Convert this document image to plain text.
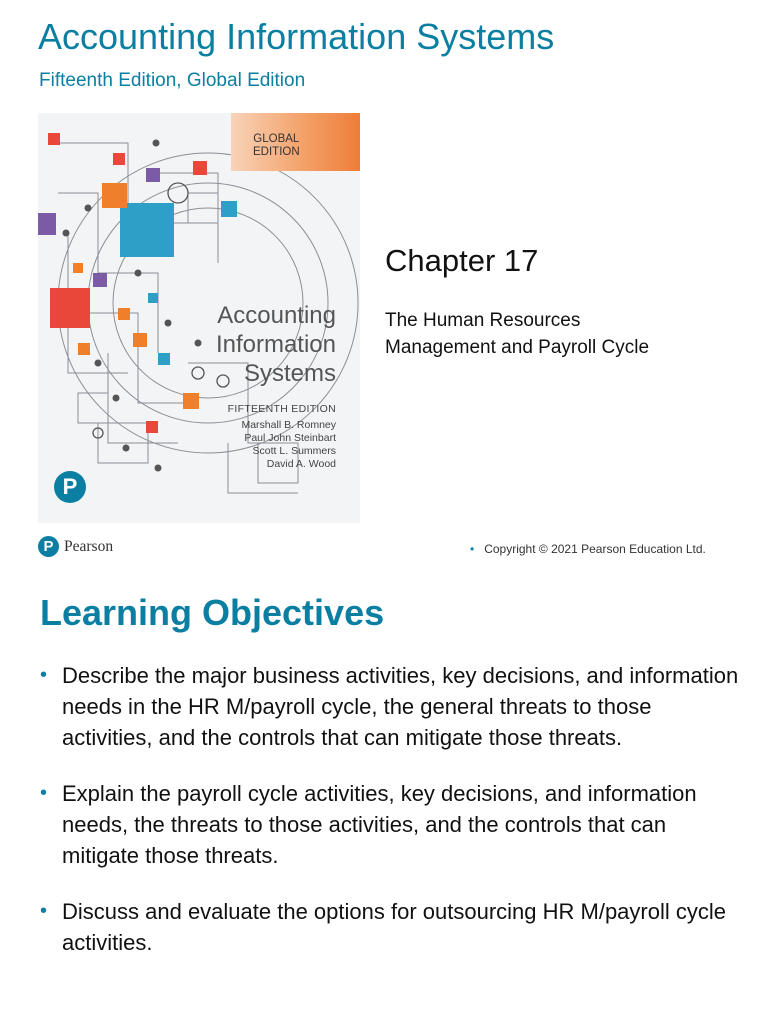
Accounting Information Systems
Fifteenth Edition, Global Edition
GLOBAL
EDITION
Accounting
Information
Systems
FIFTEENTH EDITION
Marshall B. Romney
Paul John Steinbart
Scott L. Summers
David A. Wood
P
Chapter 17
The Human Resources
Management and Payroll Cycle
P Pearson	• Copyright © 2021 Pearson Education Ltd.
Learning Objectives
• Describe the major business activities, key decisions, and information needs in the HR M/payroll cycle, the general threats to those activities, and the controls that can mitigate those threats.
• Explain the payroll cycle activities, key decisions, and information needs, the threats to those activities, and the controls that can mitigate those threats.
• Discuss and evaluate the options for outsourcing HR M/payroll cycle activities.
